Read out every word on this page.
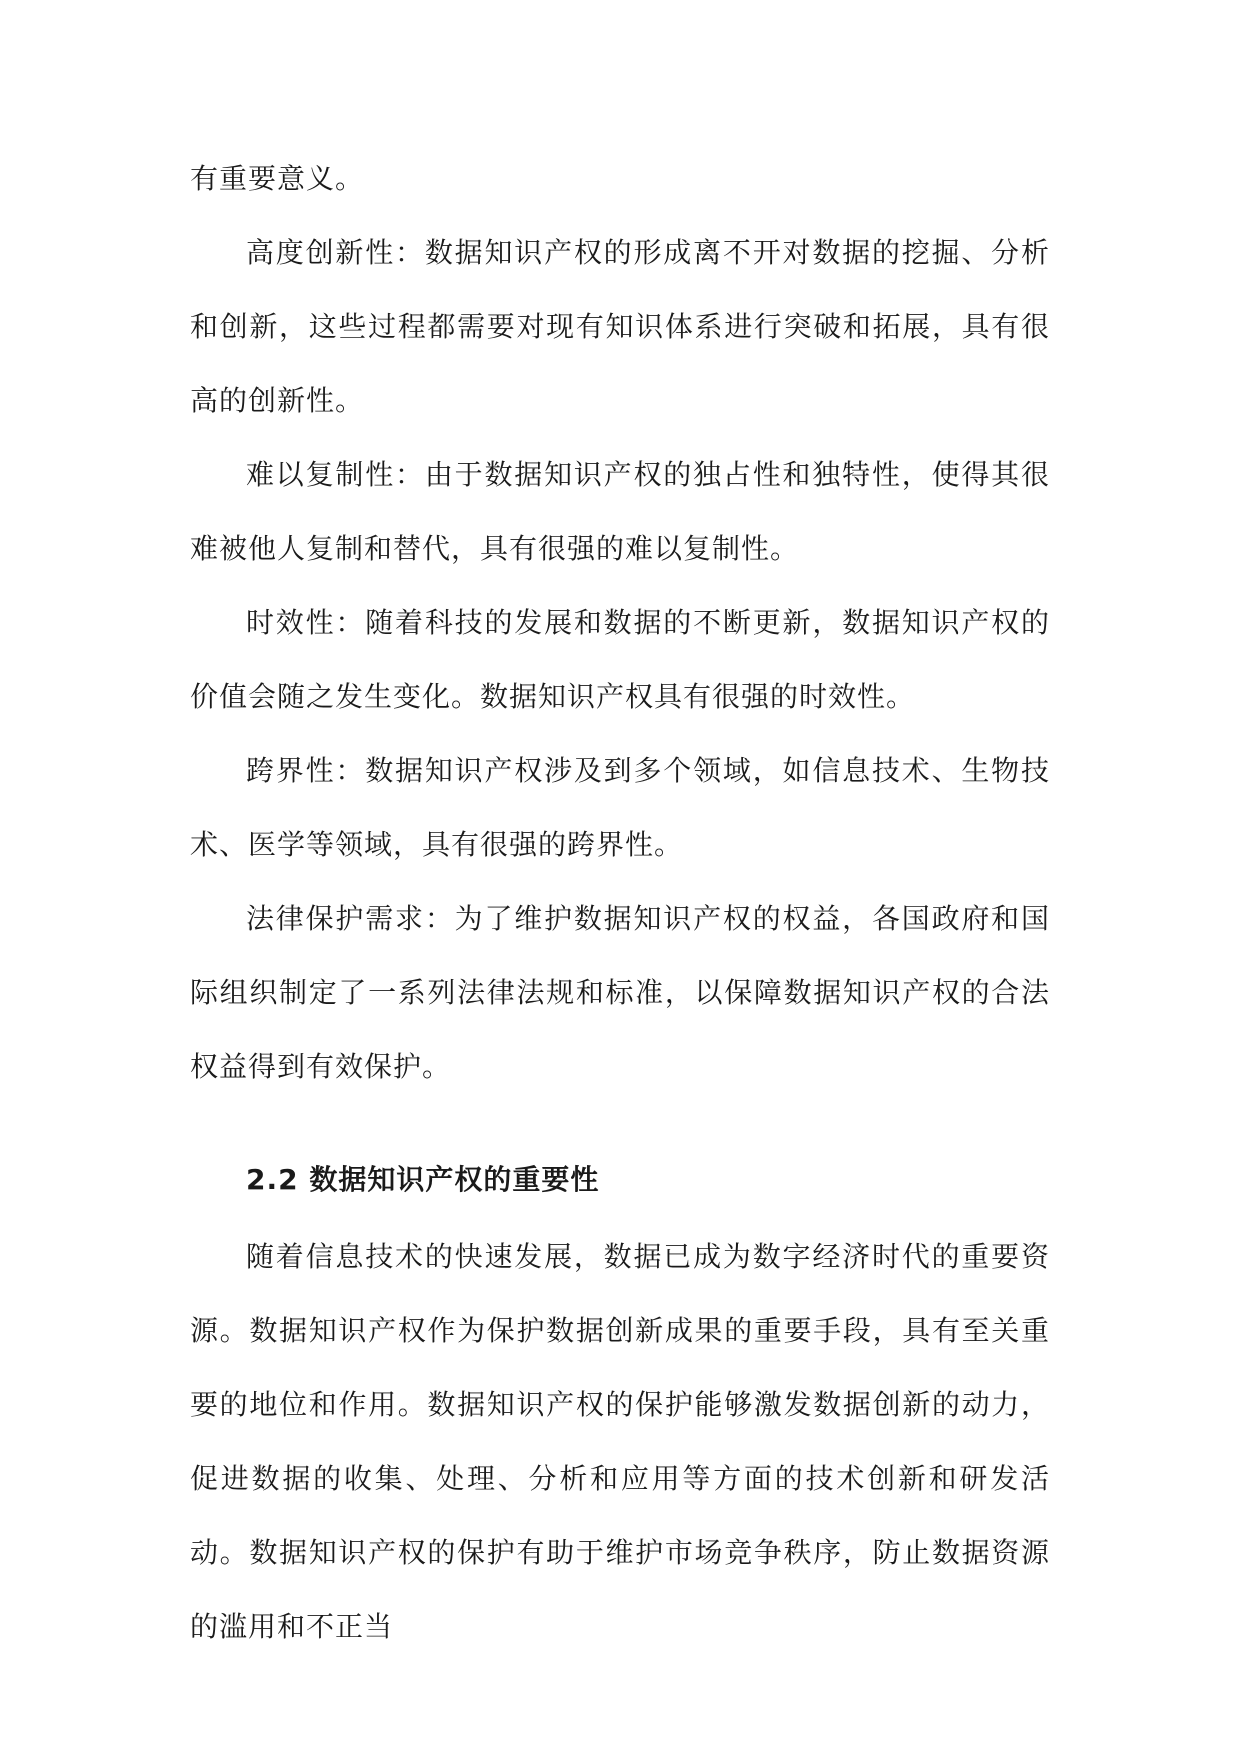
有重要意义。

高度创新性：数据知识产权的形成离不开对数据的挖掘、分析和创新，这些过程都需要对现有知识体系进行突破和拓展，具有很高的创新性。

难以复制性：由于数据知识产权的独占性和独特性，使得其很难被他人复制和替代，具有很强的难以复制性。

时效性：随着科技的发展和数据的不断更新，数据知识产权的价值会随之发生变化。数据知识产权具有很强的时效性。

跨界性：数据知识产权涉及到多个领域，如信息技术、生物技术、医学等领域，具有很强的跨界性。

法律保护需求：为了维护数据知识产权的权益，各国政府和国际组织制定了一系列法律法规和标准，以保障数据知识产权的合法权益得到有效保护。

2.2 数据知识产权的重要性

随着信息技术的快速发展，数据已成为数字经济时代的重要资源。数据知识产权作为保护数据创新成果的重要手段，具有至关重要的地位和作用。数据知识产权的保护能够激发数据创新的动力，促进数据的收集、处理、分析和应用等方面的技术创新和研发活动。数据知识产权的保护有助于维护市场竞争秩序，防止数据资源的滥用和不正当
